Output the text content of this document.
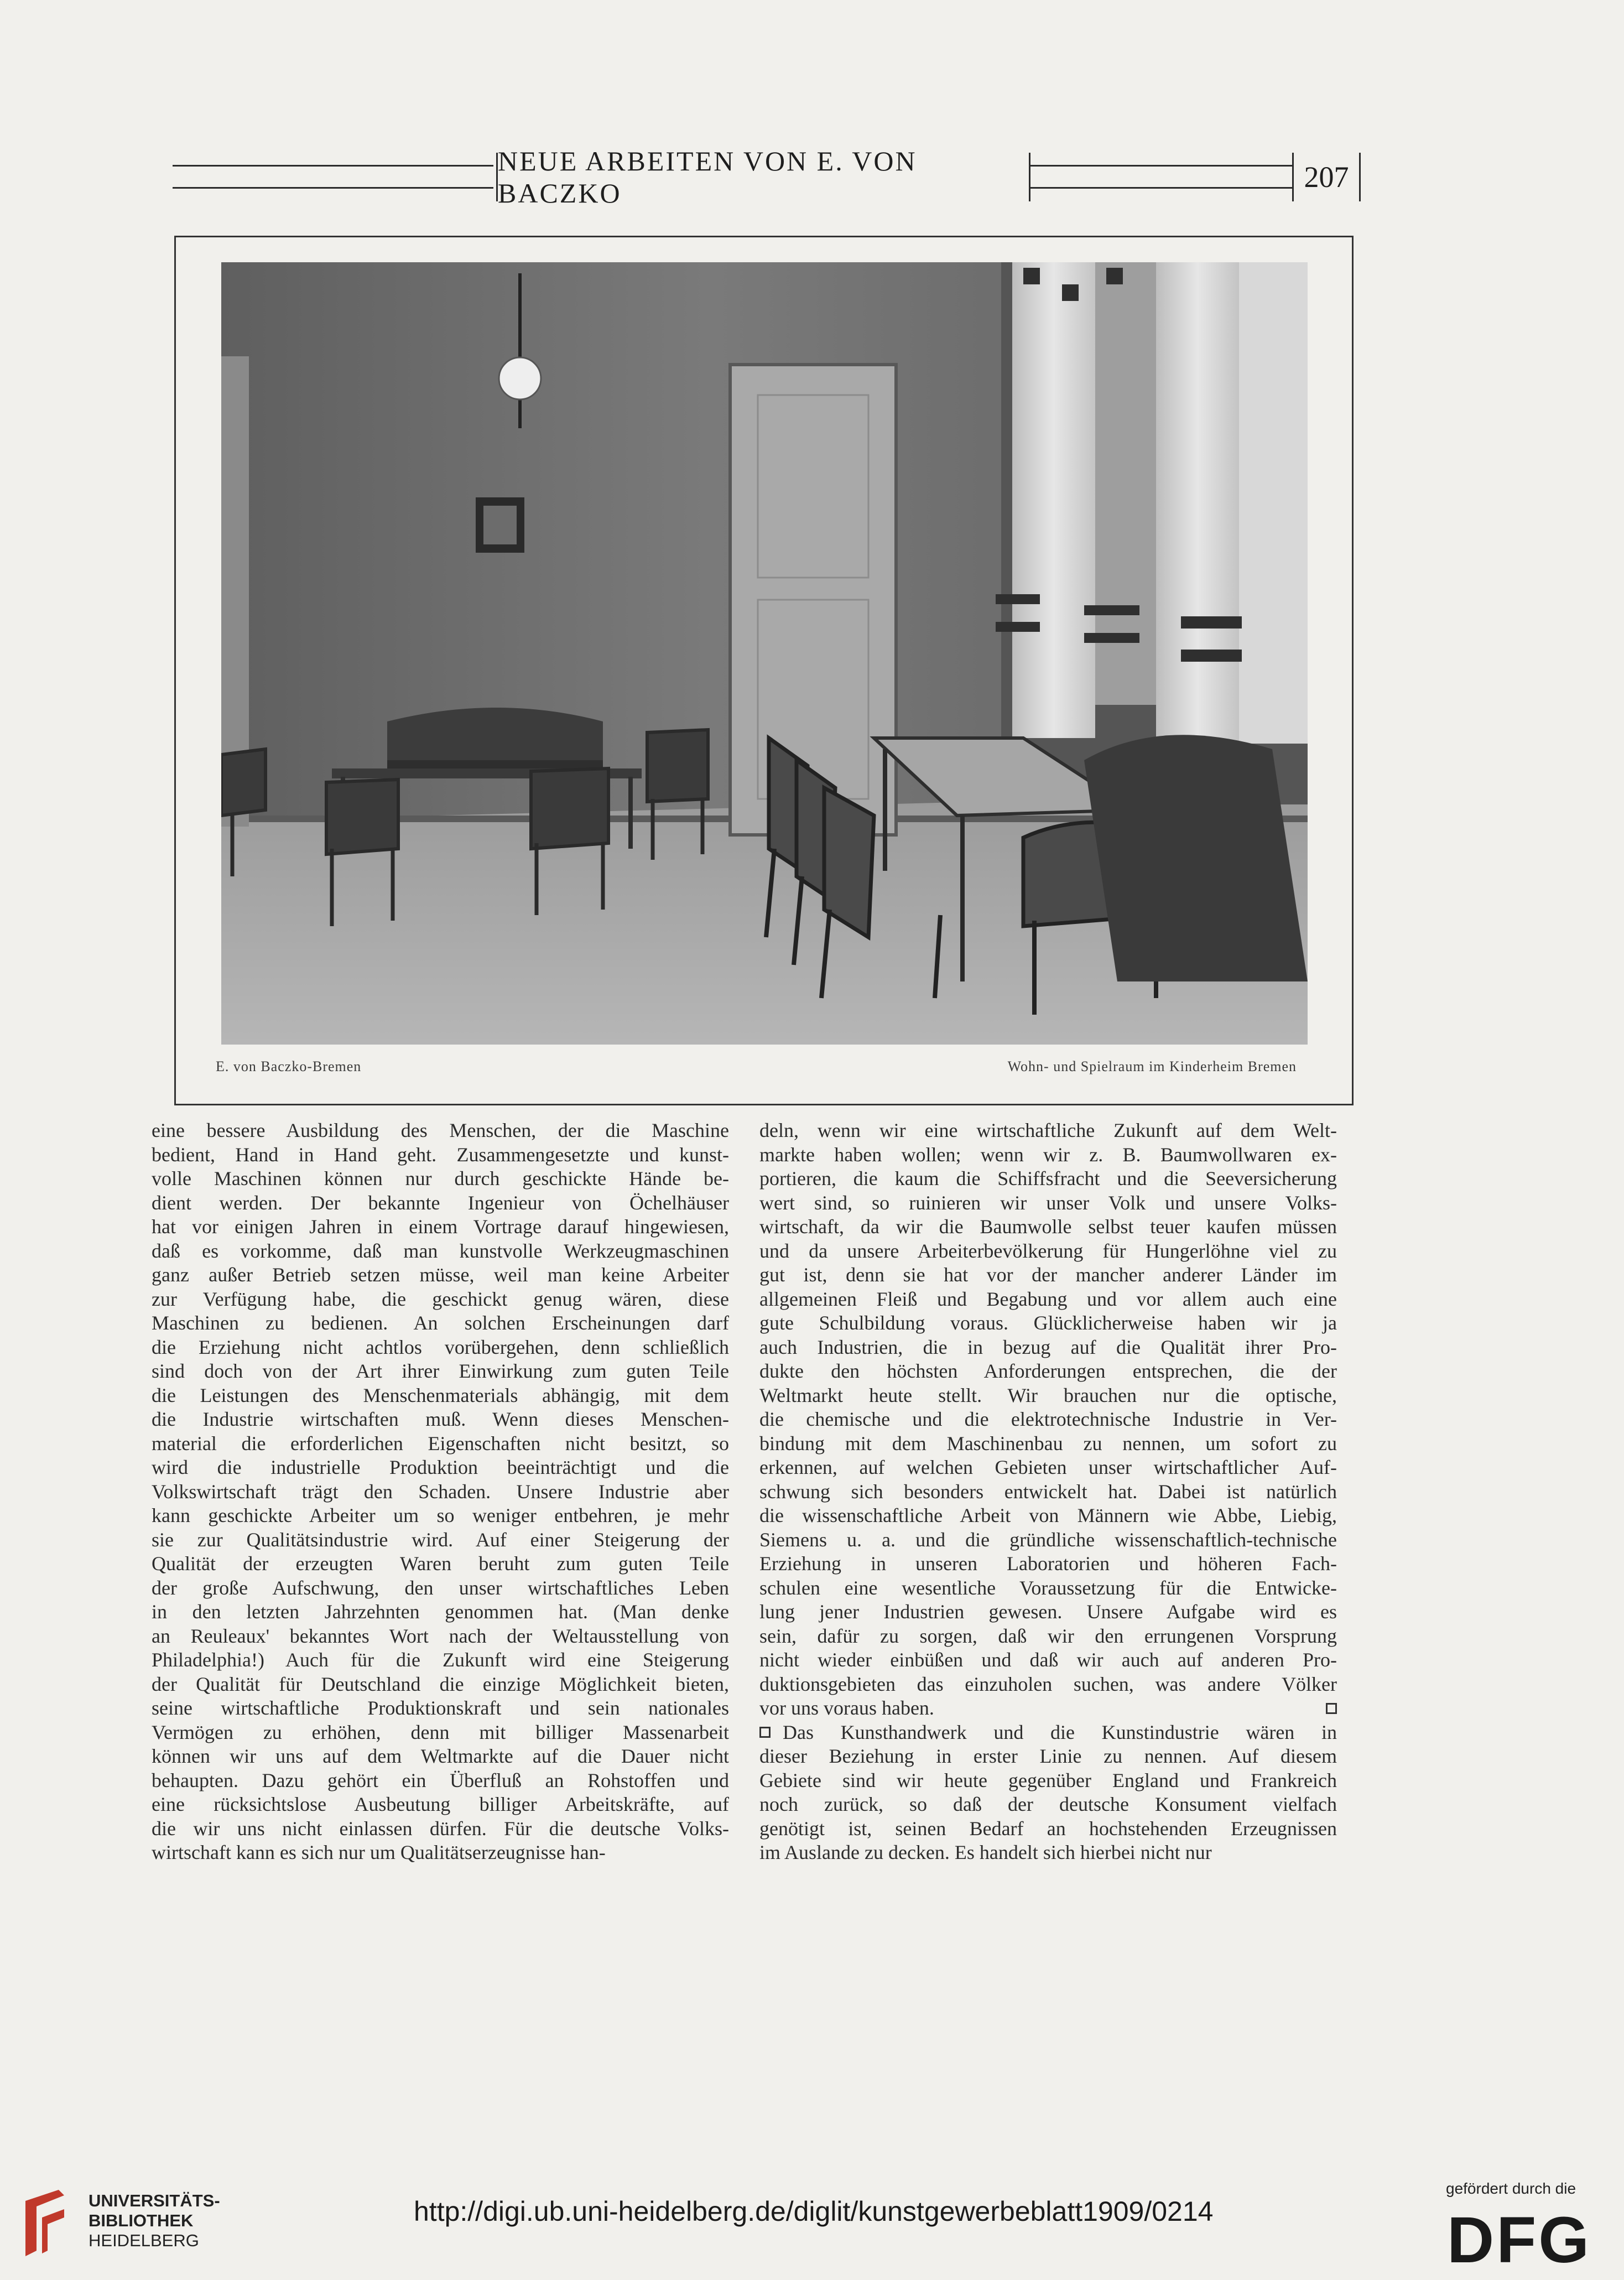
NEUE ARBEITEN VON E. VON BACZKO	207
E. von Baczko-Bremen	Wohn- und Spielraum im Kinderheim Bremen
eine bessere Ausbildung des Menschen, der die Maschine
bedient, Hand in Hand geht. Zusammengesetzte und kunst-
volle Maschinen können nur durch geschickte Hände be-
dient werden. Der bekannte Ingenieur von Öchelhäuser
hat vor einigen Jahren in einem Vortrage darauf hingewiesen,
daß es vorkomme, daß man kunstvolle Werkzeugmaschinen
ganz außer Betrieb setzen müsse, weil man keine Arbeiter
zur Verfügung habe, die geschickt genug wären, diese
Maschinen zu bedienen. An solchen Erscheinungen darf
die Erziehung nicht achtlos vorübergehen, denn schließlich
sind doch von der Art ihrer Einwirkung zum guten Teile
die Leistungen des Menschenmaterials abhängig, mit dem
die Industrie wirtschaften muß. Wenn dieses Menschen-
material die erforderlichen Eigenschaften nicht besitzt, so
wird die industrielle Produktion beeinträchtigt und die
Volkswirtschaft trägt den Schaden. Unsere Industrie aber
kann geschickte Arbeiter um so weniger entbehren, je mehr
sie zur Qualitätsindustrie wird. Auf einer Steigerung der
Qualität der erzeugten Waren beruht zum guten Teile
der große Aufschwung, den unser wirtschaftliches Leben
in den letzten Jahrzehnten genommen hat. (Man denke
an Reuleaux' bekanntes Wort nach der Weltausstellung von
Philadelphia!) Auch für die Zukunft wird eine Steigerung
der Qualität für Deutschland die einzige Möglichkeit bieten,
seine wirtschaftliche Produktionskraft und sein nationales
Vermögen zu erhöhen, denn mit billiger Massenarbeit
können wir uns auf dem Weltmarkte auf die Dauer nicht
behaupten. Dazu gehört ein Überfluß an Rohstoffen und
eine rücksichtslose Ausbeutung billiger Arbeitskräfte, auf
die wir uns nicht einlassen dürfen. Für die deutsche Volks-
wirtschaft kann es sich nur um Qualitätserzeugnisse han-
deln, wenn wir eine wirtschaftliche Zukunft auf dem Welt-
markte haben wollen; wenn wir z. B. Baumwollwaren ex-
portieren, die kaum die Schiffsfracht und die Seeversicherung
wert sind, so ruinieren wir unser Volk und unsere Volks-
wirtschaft, da wir die Baumwolle selbst teuer kaufen müssen
und da unsere Arbeiterbevölkerung für Hungerlöhne viel zu
gut ist, denn sie hat vor der mancher anderer Länder im
allgemeinen Fleiß und Begabung und vor allem auch eine
gute Schulbildung voraus. Glücklicherweise haben wir ja
auch Industrien, die in bezug auf die Qualität ihrer Pro-
dukte den höchsten Anforderungen entsprechen, die der
Weltmarkt heute stellt. Wir brauchen nur die optische,
die chemische und die elektrotechnische Industrie in Ver-
bindung mit dem Maschinenbau zu nennen, um sofort zu
erkennen, auf welchen Gebieten unser wirtschaftlicher Auf-
schwung sich besonders entwickelt hat. Dabei ist natürlich
die wissenschaftliche Arbeit von Männern wie Abbe, Liebig,
Siemens u. a. und die gründliche wissenschaftlich-technische
Erziehung in unseren Laboratorien und höheren Fach-
schulen eine wesentliche Voraussetzung für die Entwicke-
lung jener Industrien gewesen. Unsere Aufgabe wird es
sein, dafür zu sorgen, daß wir den errungenen Vorsprung
nicht wieder einbüßen und daß wir auch auf anderen Pro-
duktionsgebieten das einzuholen suchen, was andere Völker
vor uns voraus haben.
Das Kunsthandwerk und die Kunstindustrie wären in
dieser Beziehung in erster Linie zu nennen. Auf diesem
Gebiete sind wir heute gegenüber England und Frankreich
noch zurück, so daß der deutsche Konsument vielfach
genötigt ist, seinen Bedarf an hochstehenden Erzeugnissen
im Auslande zu decken. Es handelt sich hierbei nicht nur
UNIVERSITÄTS-
BIBLIOTHEK
HEIDELBERG
http://digi.ub.uni-heidelberg.de/diglit/kunstgewerbeblatt1909/0214
gefördert durch die
DFG
